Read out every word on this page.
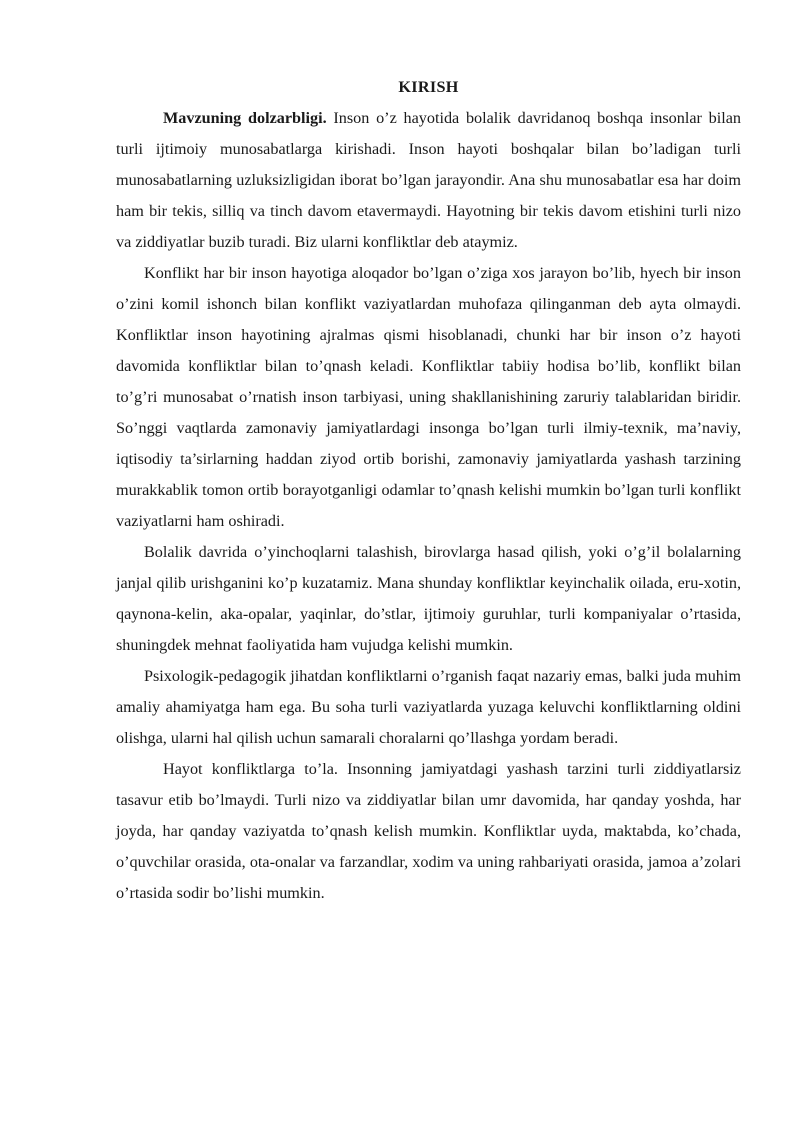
KIRISH

Mavzuning dolzarbligi. Inson o’z hayotida bolalik davridanoq boshqa insonlar bilan turli ijtimoiy munosabatlarga kirishadi. Inson hayoti boshqalar bilan bo’ladigan turli munosabatlarning uzluksizligidan iborat bo’lgan jarayondir. Ana shu munosabatlar esa har doim ham bir tekis, silliq va tinch davom etavermaydi. Hayotning bir tekis davom etishini turli nizo va ziddiyatlar buzib turadi. Biz ularni konfliktlar deb ataymiz.

Konflikt har bir inson hayotiga aloqador bo’lgan o’ziga xos jarayon bo’lib, hyech bir inson o’zini komil ishonch bilan konflikt vaziyatlardan muhofaza qilinganman deb ayta olmaydi. Konfliktlar inson hayotining ajralmas qismi hisoblanadi, chunki har bir inson o’z hayoti davomida konfliktlar bilan to’qnash keladi. Konfliktlar tabiiy hodisa bo’lib, konflikt bilan to’g’ri munosabat o’rnatish inson tarbiyasi, uning shakllanishining zaruriy talablaridan biridir. So’nggi vaqtlarda zamonaviy jamiyatlardagi insonga bo’lgan turli ilmiy-texnik, ma’naviy, iqtisodiy ta’sirlarning haddan ziyod ortib borishi, zamonaviy jamiyatlarda yashash tarzining murakkablik tomon ortib borayotganligi odamlar to’qnash kelishi mumkin bo’lgan turli konflikt vaziyatlarni ham oshiradi.

Bolalik davrida o’yinchoqlarni talashish, birovlarga hasad qilish, yoki o’g’il bolalarning janjal qilib urishganini ko’p kuzatamiz. Mana shunday konfliktlar keyinchalik oilada, eru-xotin, qaynona-kelin, aka-opalar, yaqinlar, do’stlar, ijtimoiy guruhlar, turli kompaniyalar o’rtasida, shuningdek mehnat faoliyatida ham vujudga kelishi mumkin.

Psixologik-pedagogik jihatdan konfliktlarni o’rganish faqat nazariy emas, balki juda muhim amaliy ahamiyatga ham ega. Bu soha turli vaziyatlarda yuzaga keluvchi konfliktlarning oldini olishga, ularni hal qilish uchun samarali choralarni qo’llashga yordam beradi.

Hayot konfliktlarga to’la. Insonning jamiyatdagi yashash tarzini turli ziddiyatlarsiz tasavur etib bo’lmaydi. Turli nizo va ziddiyatlar bilan umr davomida, har qanday yoshda, har joyda, har qanday vaziyatda to’qnash kelish mumkin. Konfliktlar uyda, maktabda, ko’chada, o’quvchilar orasida, ota-onalar va farzandlar, xodim va uning rahbariyati orasida, jamoa a’zolari o’rtasida sodir bo’lishi mumkin.
